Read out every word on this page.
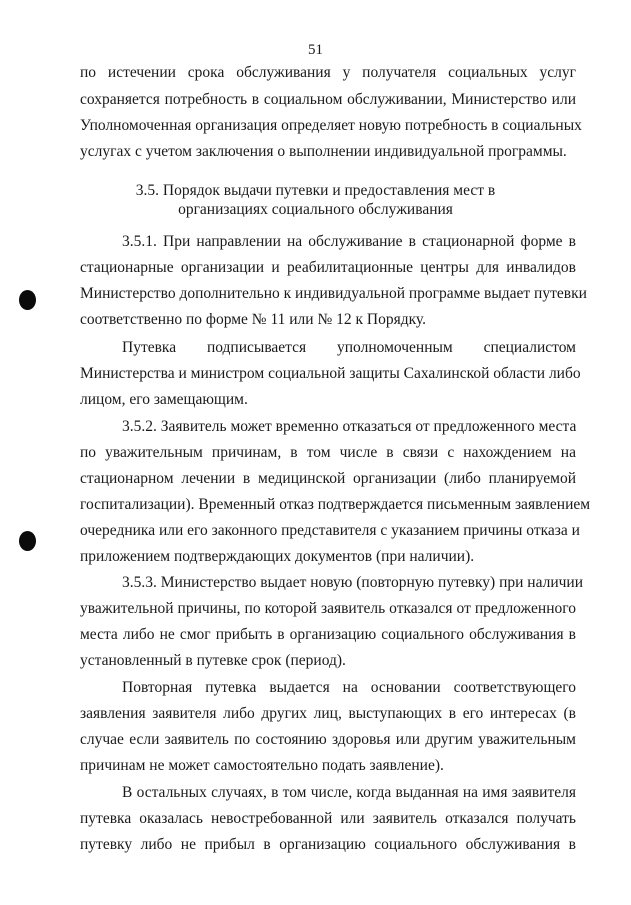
51
по истечении срока обслуживания у получателя социальных услуг
сохраняется потребность в социальном обслуживании, Министерство или
Уполномоченная организация определяет новую потребность в социальных
услугах с учетом заключения о выполнении индивидуальной программы.
3.5. Порядок выдачи путевки и предоставления мест в
организациях социального обслуживания
3.5.1. При направлении на обслуживание в стационарной форме в
стационарные организации и реабилитационные центры для инвалидов
Министерство дополнительно к индивидуальной программе выдает путевки
соответственно по форме № 11 или № 12 к Порядку.
Путевка подписывается уполномоченным специалистом
Министерства и министром социальной защиты Сахалинской области либо
лицом, его замещающим.
3.5.2. Заявитель может временно отказаться от предложенного места
по уважительным причинам, в том числе в связи с нахождением на
стационарном лечении в медицинской организации (либо планируемой
госпитализации). Временный отказ подтверждается письменным заявлением
очередника или его законного представителя с указанием причины отказа и
приложением подтверждающих документов (при наличии).
3.5.3. Министерство выдает новую (повторную путевку) при наличии
уважительной причины, по которой заявитель отказался от предложенного
места либо не смог прибыть в организацию социального обслуживания в
установленный в путевке срок (период).
Повторная путевка выдается на основании соответствующего
заявления заявителя либо других лиц, выступающих в его интересах (в
случае если заявитель по состоянию здоровья или другим уважительным
причинам не может самостоятельно подать заявление).
В остальных случаях, в том числе, когда выданная на имя заявителя
путевка оказалась невостребованной или заявитель отказался получать
путевку либо не прибыл в организацию социального обслуживания в
